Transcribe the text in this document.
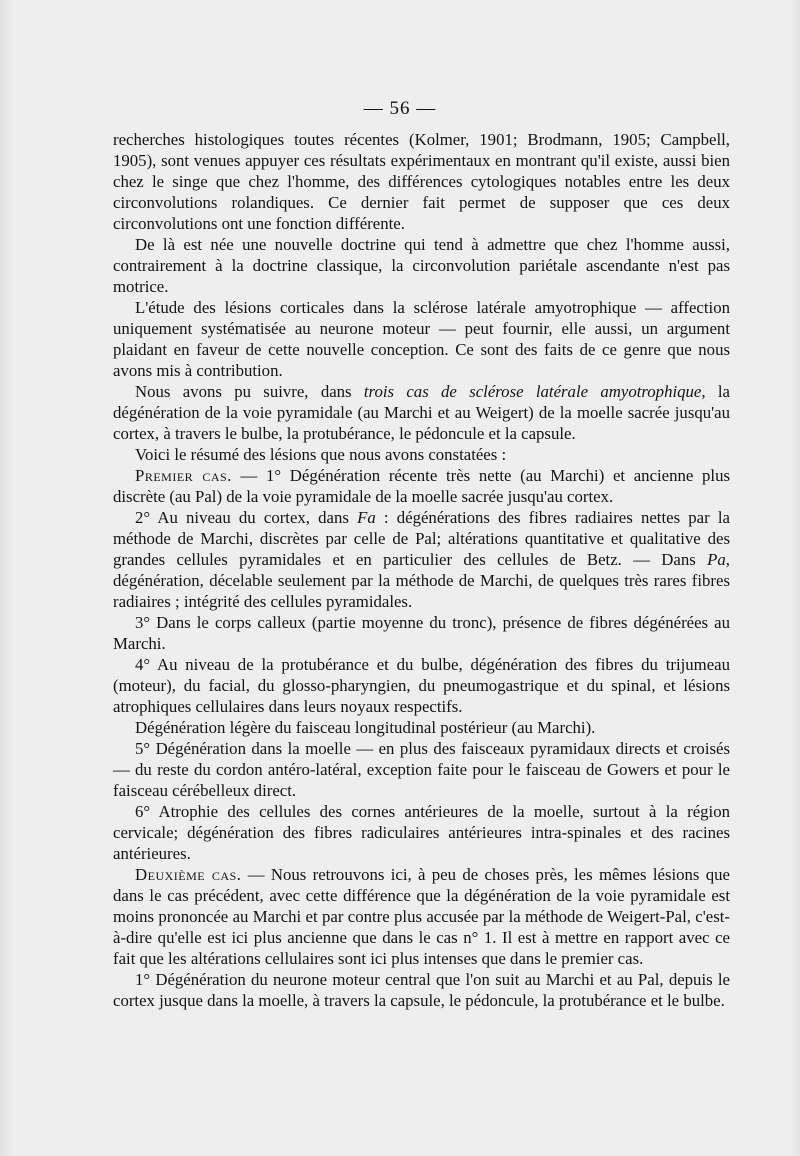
— 56 —

recherches histologiques toutes récentes (Kolmer, 1901; Brodmann, 1905; Campbell, 1905), sont venues appuyer ces résultats expérimentaux en montrant qu'il existe, aussi bien chez le singe que chez l'homme, des différences cytologiques notables entre les deux circonvolutions rolandiques. Ce dernier fait permet de supposer que ces deux circonvolutions ont une fonction différente.

De là est née une nouvelle doctrine qui tend à admettre que chez l'homme aussi, contrairement à la doctrine classique, la circonvolution pariétale ascendante n'est pas motrice.

L'étude des lésions corticales dans la sclérose latérale amyotrophique — affection uniquement systématisée au neurone moteur — peut fournir, elle aussi, un argument plaidant en faveur de cette nouvelle conception. Ce sont des faits de ce genre que nous avons mis à contribution.

Nous avons pu suivre, dans trois cas de sclérose latérale amyotrophique, la dégénération de la voie pyramidale (au Marchi et au Weigert) de la moelle sacrée jusqu'au cortex, à travers le bulbe, la protubérance, le pédoncule et la capsule.

Voici le résumé des lésions que nous avons constatées :

Premier cas. — 1° Dégénération récente très nette (au Marchi) et ancienne plus discrète (au Pal) de la voie pyramidale de la moelle sacrée jusqu'au cortex.

2° Au niveau du cortex, dans Fa : dégénérations des fibres radiaires nettes par la méthode de Marchi, discrètes par celle de Pal; altérations quantitative et qualitative des grandes cellules pyramidales et en particulier des cellules de Betz. — Dans Pa, dégénération, décelable seulement par la méthode de Marchi, de quelques très rares fibres radiaires ; intégrité des cellules pyramidales.

3° Dans le corps calleux (partie moyenne du tronc), présence de fibres dégénérées au Marchi.

4° Au niveau de la protubérance et du bulbe, dégénération des fibres du trijumeau (moteur), du facial, du glosso-pharyngien, du pneumogastrique et du spinal, et lésions atrophiques cellulaires dans leurs noyaux respectifs.

Dégénération légère du faisceau longitudinal postérieur (au Marchi).

5° Dégénération dans la moelle — en plus des faisceaux pyramidaux directs et croisés — du reste du cordon antéro-latéral, exception faite pour le faisceau de Gowers et pour le faisceau cérébelleux direct.

6° Atrophie des cellules des cornes antérieures de la moelle, surtout à la région cervicale; dégénération des fibres radiculaires antérieures intra-spinales et des racines antérieures.

Deuxième cas. — Nous retrouvons ici, à peu de choses près, les mêmes lésions que dans le cas précédent, avec cette différence que la dégénération de la voie pyramidale est moins prononcée au Marchi et par contre plus accusée par la méthode de Weigert-Pal, c'est-à-dire qu'elle est ici plus ancienne que dans le cas n° 1. Il est à mettre en rapport avec ce fait que les altérations cellulaires sont ici plus intenses que dans le premier cas.

1° Dégénération du neurone moteur central que l'on suit au Marchi et au Pal, depuis le cortex jusque dans la moelle, à travers la capsule, le pédoncule, la protubérance et le bulbe.
